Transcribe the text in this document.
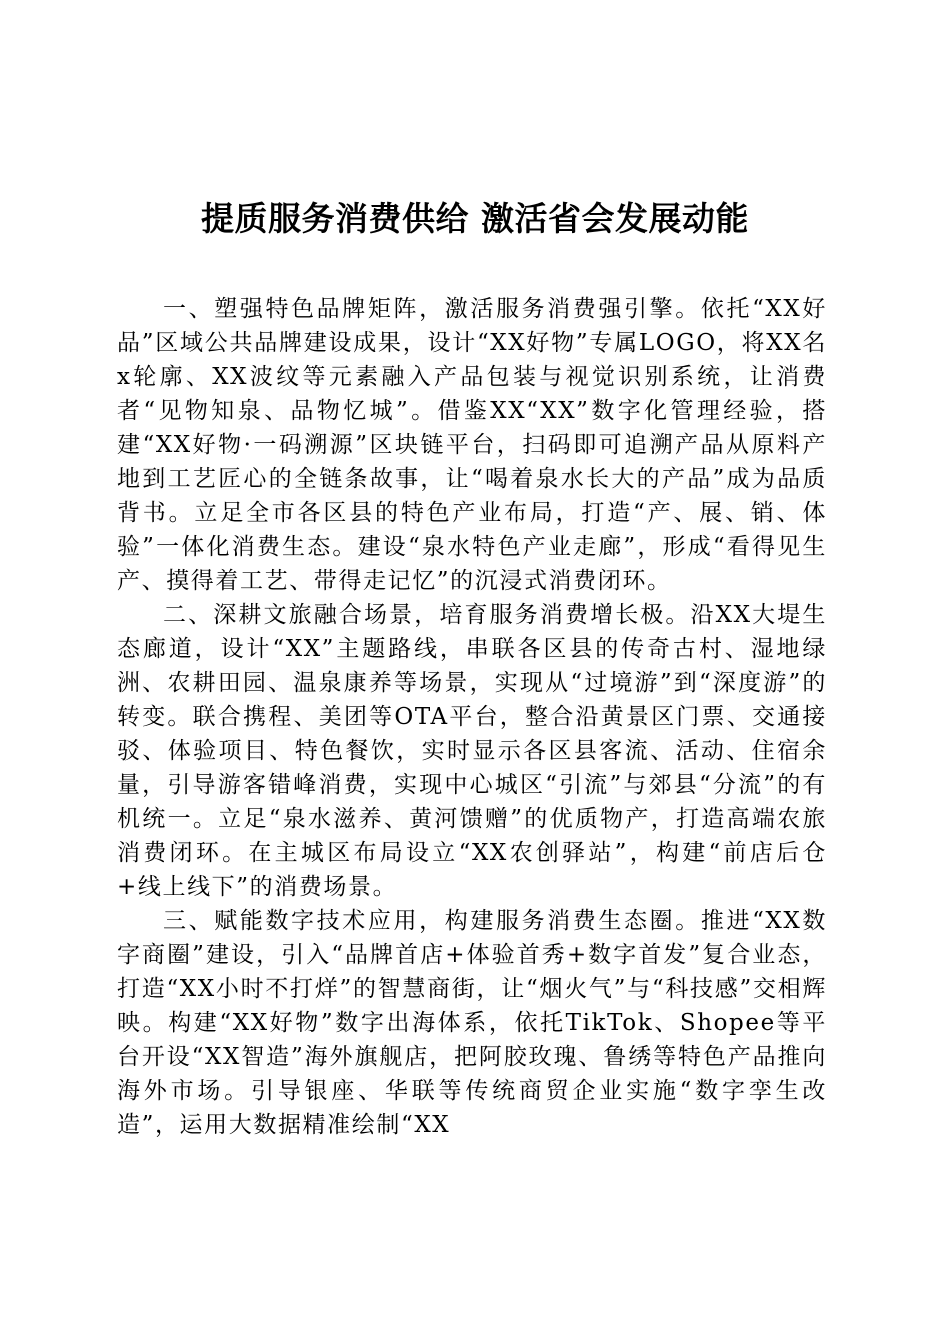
提质服务消费供给 激活省会发展动能

一、塑强特色品牌矩阵，激活服务消费强引擎。依托“XX好品”区域公共品牌建设成果，设计“XX好物”专属LOGO，将XX名x轮廓、XX波纹等元素融入产品包装与视觉识别系统，让消费者“见物知泉、品物忆城”。借鉴XX“XX”数字化管理经验，搭建“XX好物·一码溯源”区块链平台，扫码即可追溯产品从原料产地到工艺匠心的全链条故事，让“喝着泉水长大的产品”成为品质背书。立足全市各区县的特色产业布局，打造“产、展、销、体验”一体化消费生态。建设“泉水特色产业走廊”，形成“看得见生产、摸得着工艺、带得走记忆”的沉浸式消费闭环。

二、深耕文旅融合场景，培育服务消费增长极。沿XX大堤生态廊道，设计“XX”主题路线，串联各区县的传奇古村、湿地绿洲、农耕田园、温泉康养等场景，实现从“过境游”到“深度游”的转变。联合携程、美团等OTA平台，整合沿黄景区门票、交通接驳、体验项目、特色餐饮，实时显示各区县客流、活动、住宿余量，引导游客错峰消费，实现中心城区“引流”与郊县“分流”的有机统一。立足“泉水滋养、黄河馈赠”的优质物产，打造高端农旅消费闭环。在主城区布局设立“XX农创驿站”，构建“前店后仓+线上线下”的消费场景。

三、赋能数字技术应用，构建服务消费生态圈。推进“XX数字商圈”建设，引入“品牌首店+体验首秀+数字首发”复合业态，打造“XX小时不打烊”的智慧商街，让“烟火气”与“科技感”交相辉映。构建“XX好物”数字出海体系，依托TikTok、Shopee等平台开设“XX智造”海外旗舰店，把阿胶玫瑰、鲁绣等特色产品推向海外市场。引导银座、华联等传统商贸企业实施“数字孪生改造”，运用大数据精准绘制“XX
